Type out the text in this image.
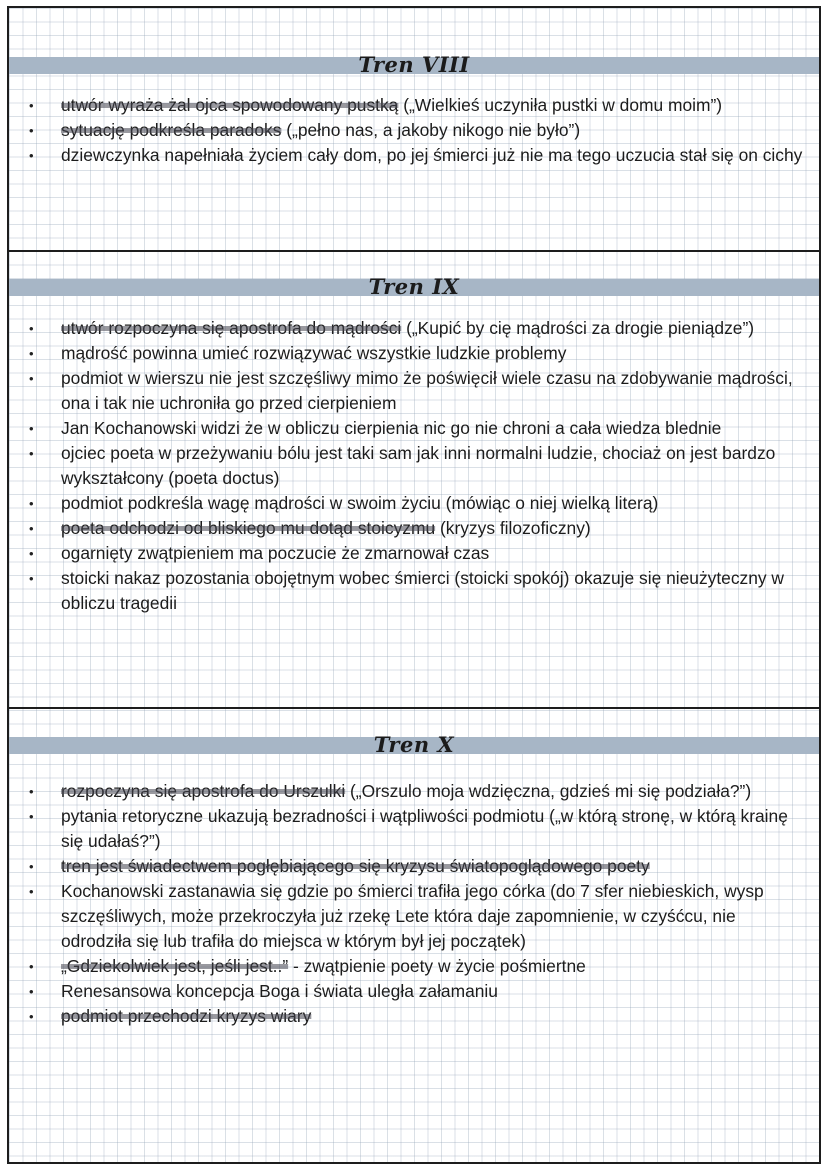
Tren VIII
• utwór wyraża żal ojca spowodowany pustką („Wielkieś uczyniła pustki w domu moim”)
• sytuację podkreśla paradoks („pełno nas, a jakoby nikogo nie było”)
• dziewczynka napełniała życiem cały dom, po jej śmierci już nie ma tego uczucia stał się on cichy
Tren IX
• utwór rozpoczyna się apostrofa do mądrości („Kupić by cię mądrości za drogie pieniądze”)
• mądrość powinna umieć rozwiązywać wszystkie ludzkie problemy
• podmiot w wierszu nie jest szczęśliwy mimo że poświęcił wiele czasu na zdobywanie mądrości, ona i tak nie uchroniła go przed cierpieniem
• Jan Kochanowski widzi że w obliczu cierpienia nic go nie chroni a cała wiedza blednie
• ojciec poeta w przeżywaniu bólu jest taki sam jak inni normalni ludzie, chociaż on jest bardzo wykształcony (poeta doctus)
• podmiot podkreśla wagę mądrości w swoim życiu (mówiąc o niej wielką literą)
• poeta odchodzi od bliskiego mu dotąd stoicyzmu (kryzys filozoficzny)
• ogarnięty zwątpieniem ma poczucie że zmarnował czas
• stoicki nakaz pozostania obojętnym wobec śmierci (stoicki spokój) okazuje się nieużyteczny w obliczu tragedii
Tren X
• rozpoczyna się apostrofa do Urszulki („Orszulo moja wdzięczna, gdzieś mi się podziała?”)
• pytania retoryczne ukazują bezradności i wątpliwości podmiotu („w którą stronę, w którą krainę się udałaś?”)
• tren jest świadectwem pogłębiającego się kryzysu światopoglądowego poety
• Kochanowski zastanawia się gdzie po śmierci trafiła jego córka (do 7 sfer niebieskich, wysp szczęśliwych, może przekroczyła już rzekę Lete która daje zapomnienie, w czyśćcu, nie odrodziła się lub trafiła do miejsca w którym był jej początek)
• „Gdziekolwiek jest, jeśli jest..” - zwątpienie poety w życie pośmiertne
• Renesansowa koncepcja Boga i świata uległa załamaniu
• podmiot przechodzi kryzys wiary
